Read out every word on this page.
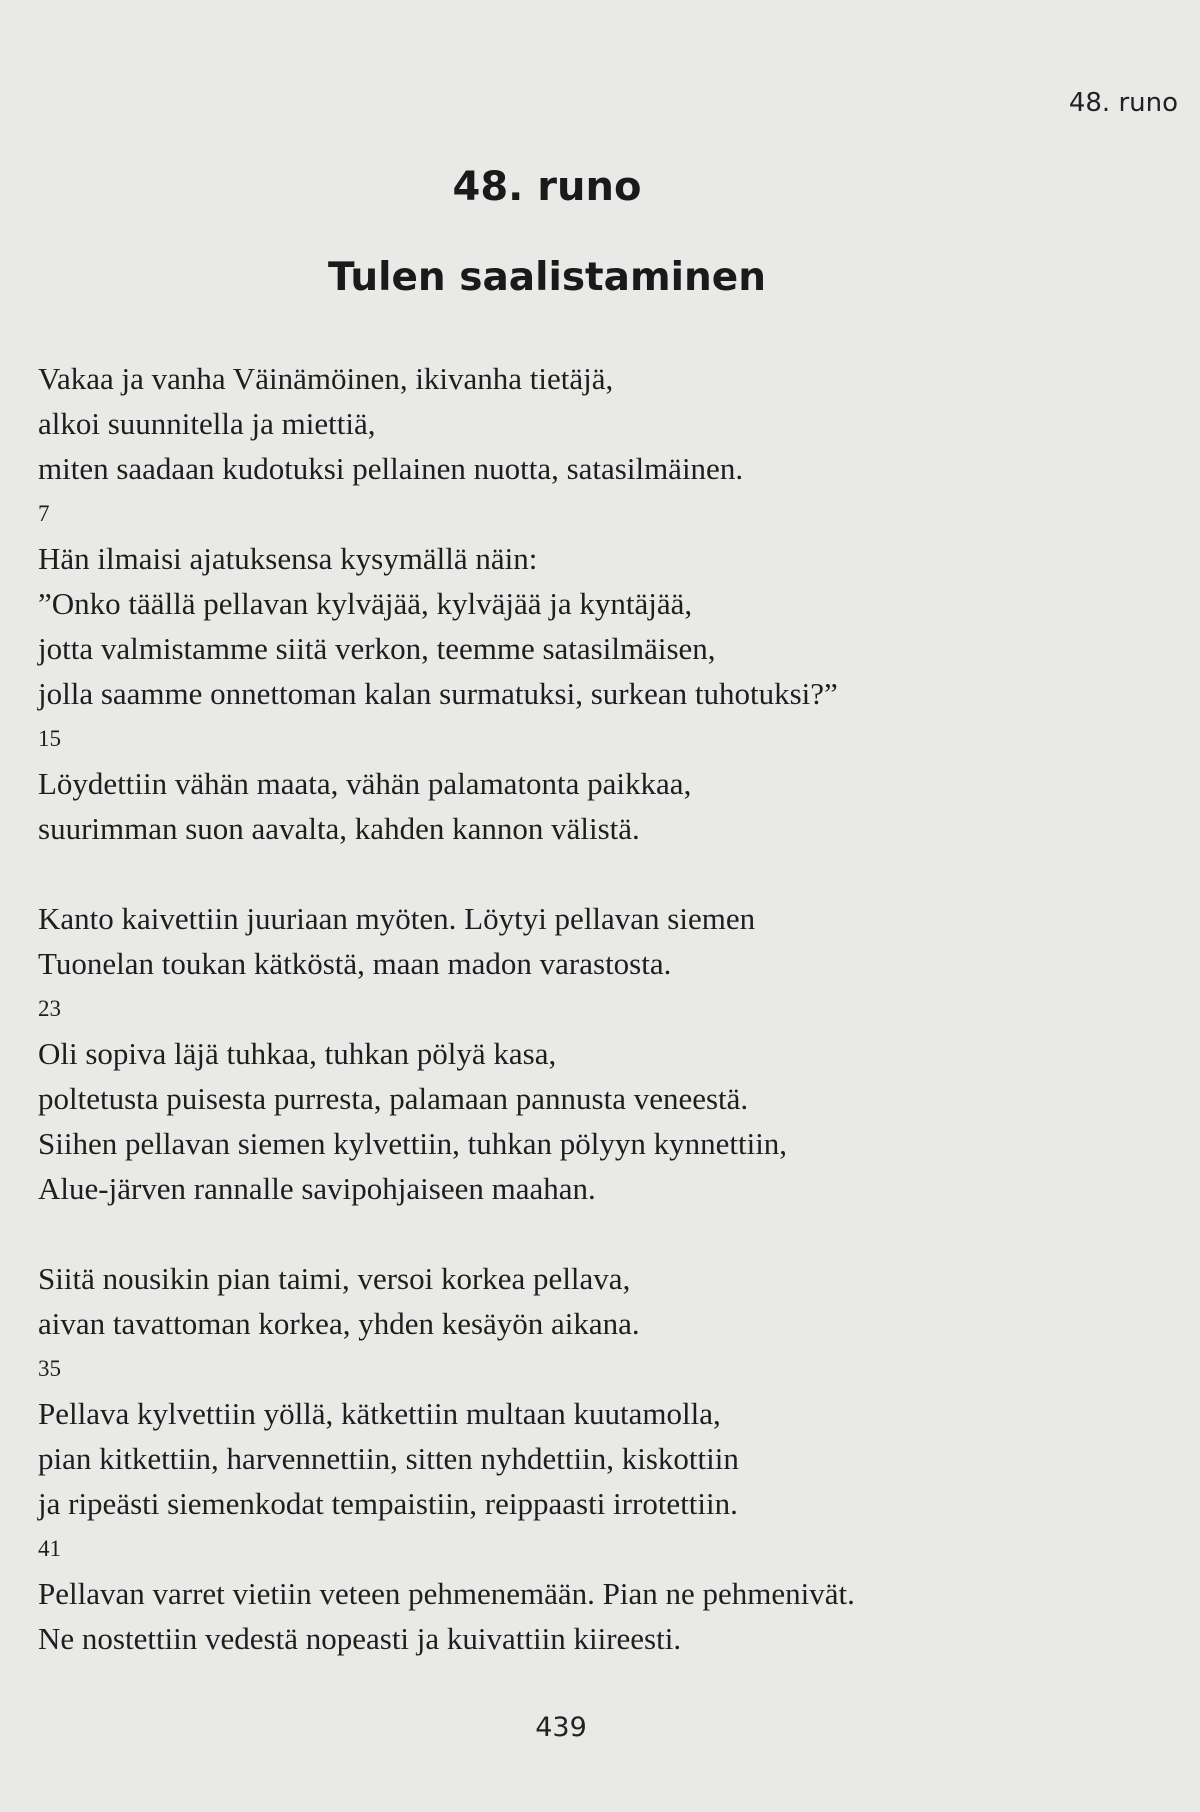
48. runo
48. runo
Tulen saalistaminen
Vakaa ja vanha Väinämöinen, ikivanha tietäjä,
alkoi suunnitella ja miettiä,
miten saadaan kudotuksi pellainen nuotta, satasilmäinen.
7
Hän ilmaisi ajatuksensa kysymällä näin:
”Onko täällä pellavan kylväjää, kylväjää ja kyntäjää,
jotta valmistamme siitä verkon, teemme satasilmäisen,
jolla saamme onnettoman kalan surmatuksi, surkean tuhotuksi?”
15
Löydettiin vähän maata, vähän palamatonta paikkaa,
suurimman suon aavalta, kahden kannon välistä.
Kanto kaivettiin juuriaan myöten. Löytyi pellavan siemen
Tuonelan toukan kätköstä, maan madon varastosta.
23
Oli sopiva läjä tuhkaa, tuhkan pölyä kasa,
poltetusta puisesta purresta, palamaan pannusta veneestä.
Siihen pellavan siemen kylvettiin, tuhkan pölyyn kynnettiin,
Alue-järven rannalle savipohjaiseen maahan.
Siitä nousikin pian taimi, versoi korkea pellava,
aivan tavattoman korkea, yhden kesäyön aikana.
35
Pellava kylvettiin yöllä, kätkettiin multaan kuutamolla,
pian kitkettiin, harvennettiin, sitten nyhdettiin, kiskottiin
ja ripeästi siemenkodat tempaistiin, reippaasti irrotettiin.
41
Pellavan varret vietiin veteen pehmenemään. Pian ne pehmenivät.
Ne nostettiin vedestä nopeasti ja kuivattiin kiireesti.
439
